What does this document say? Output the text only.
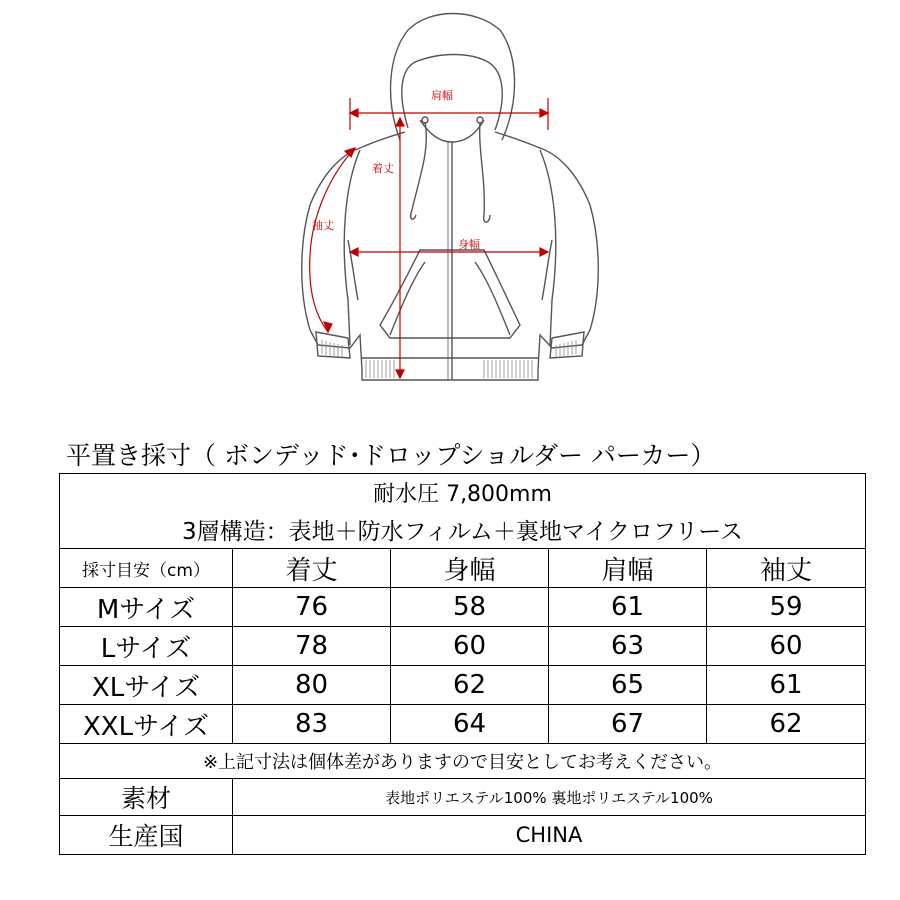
肩幅
着丈
袖丈
身幅
平置き採寸（ ボンデッド･ドロップショルダー パーカー）
耐水圧 7,800mm				
3層構造：表地＋防水フィルム＋裏地マイクロフリース				
採寸目安（cm）	着丈	身幅	肩幅	袖丈
Mサイズ	76	58	61	59
Lサイズ	78	60	63	60
XLサイズ	80	62	65	61
XXLサイズ	83	64	67	62
※上記寸法は個体差がありますので目安としてお考えください。				
素材	表地ポリエステル100% 裏地ポリエステル100%			
生産国	CHINA			
